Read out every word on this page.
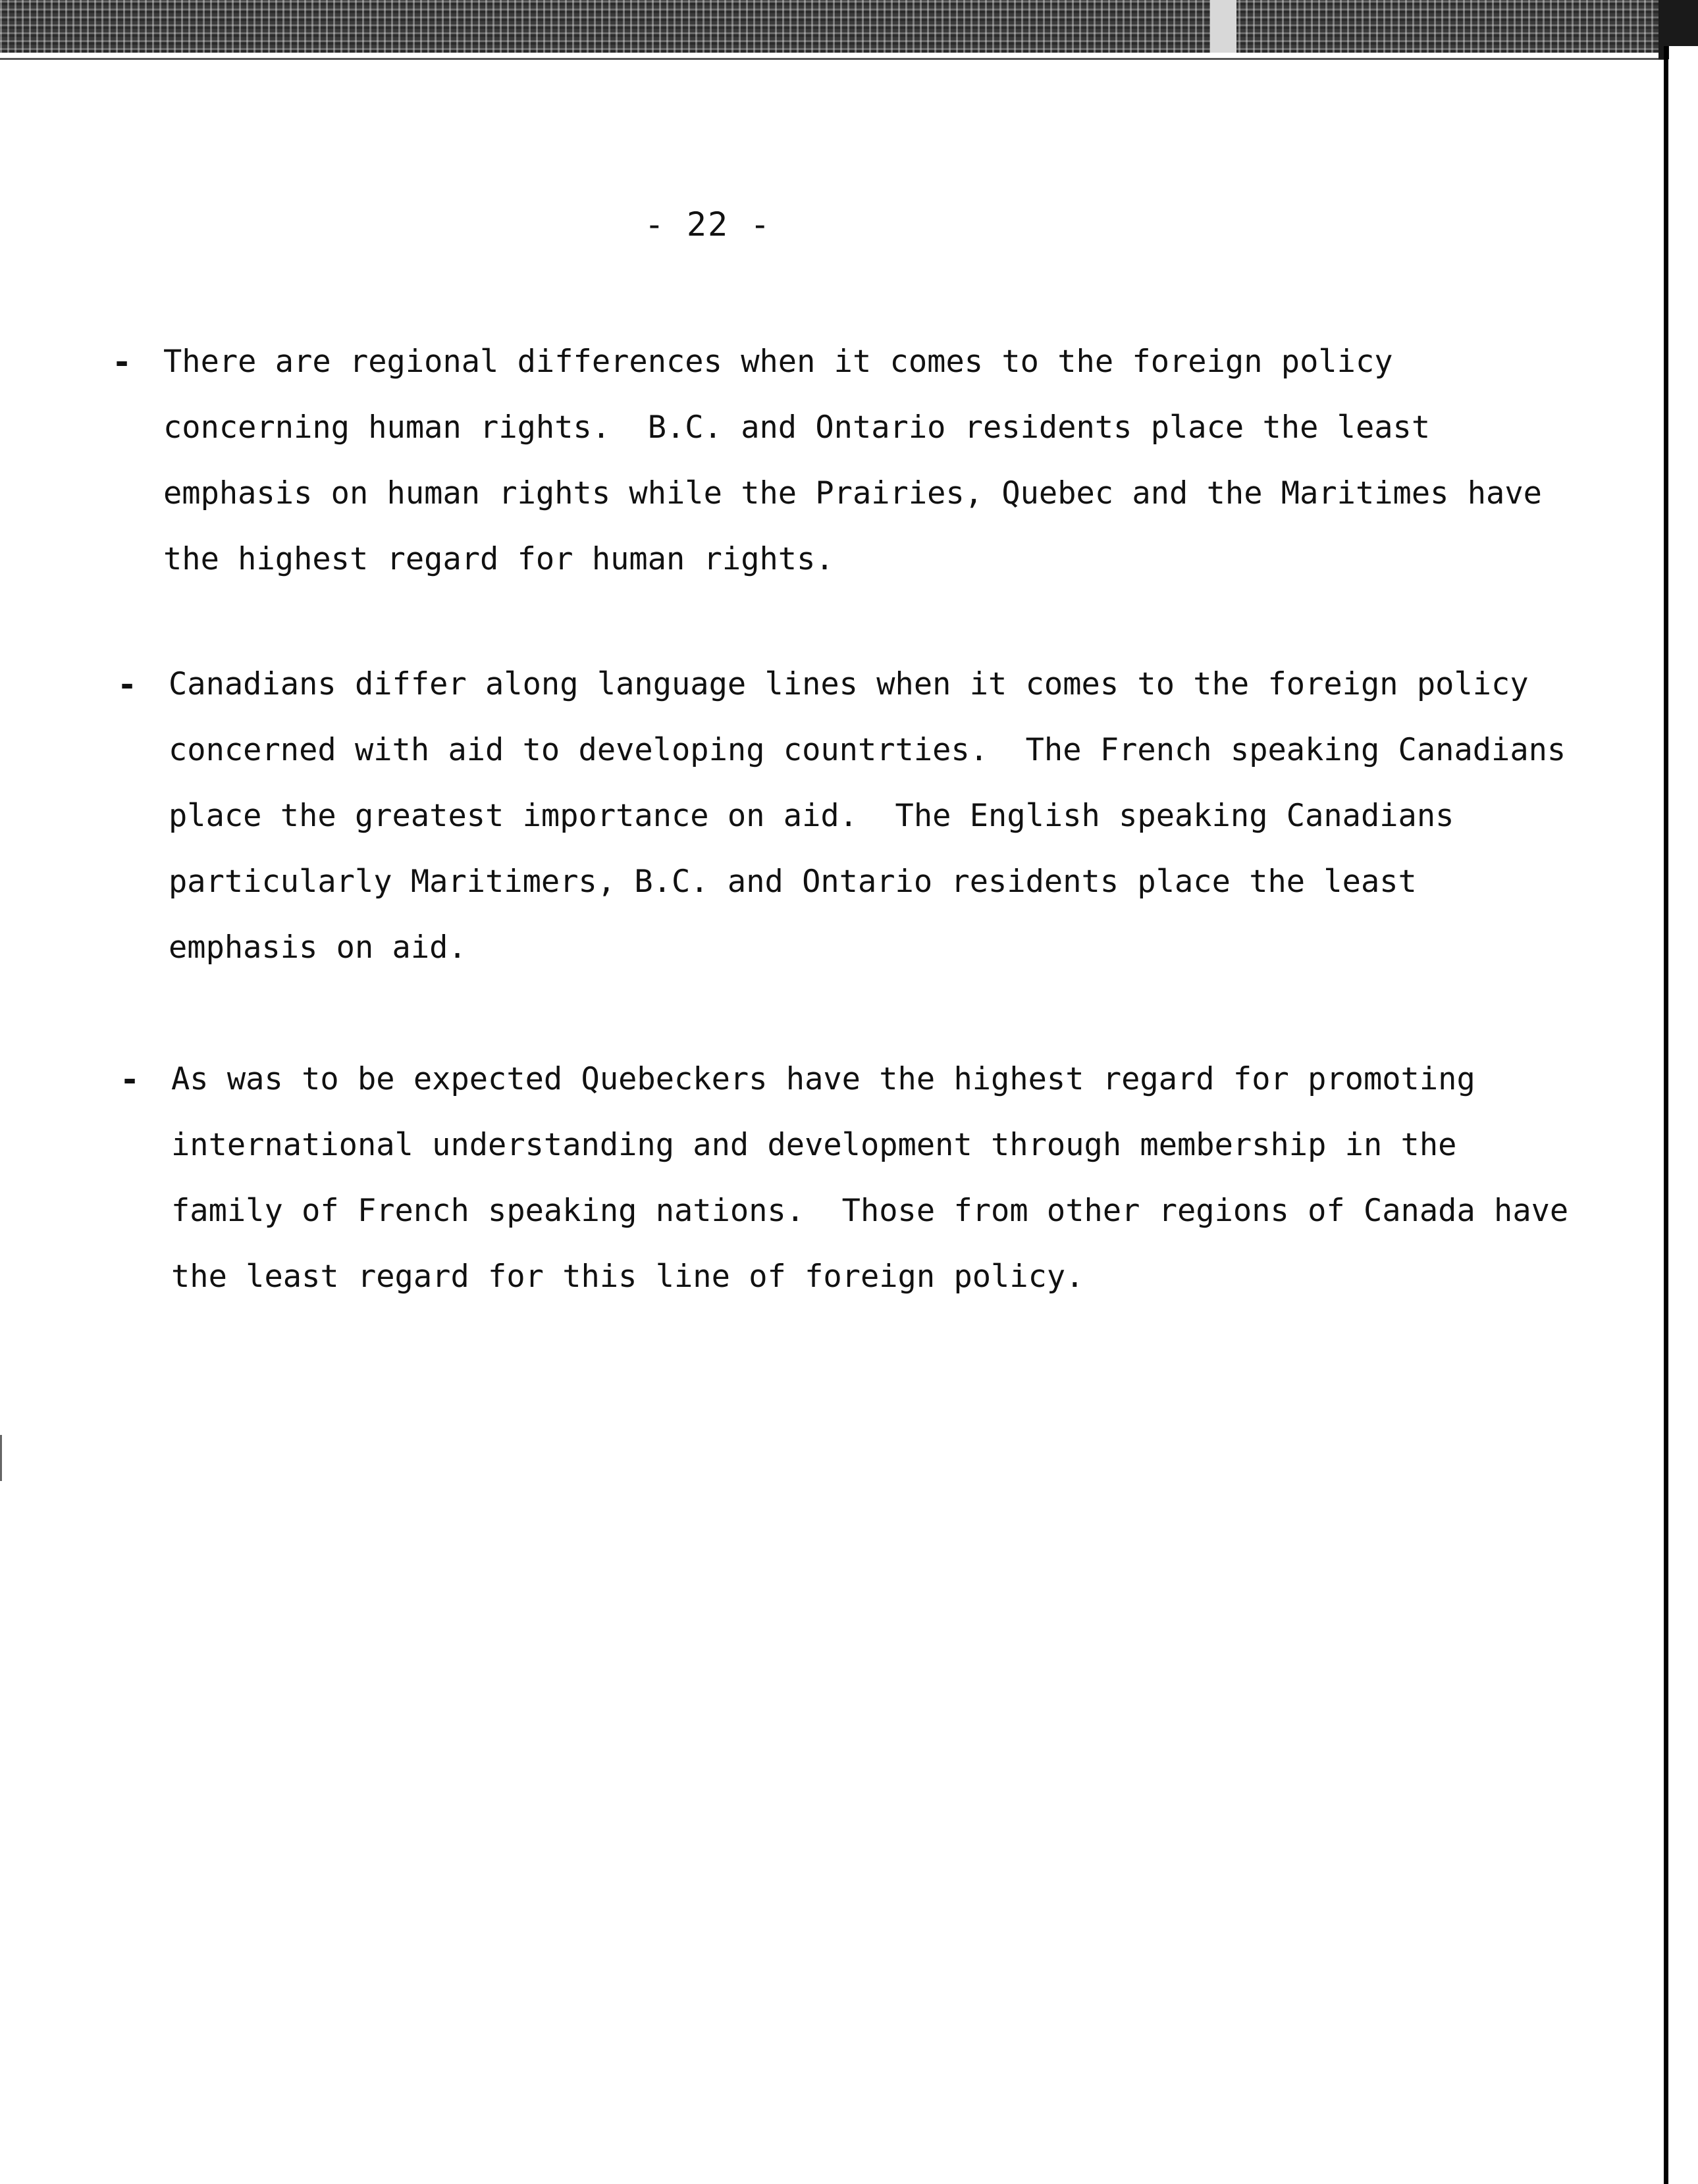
- 22 -
- There are regional differences when it comes to the foreign policy
concerning human rights.  B.C. and Ontario residents place the least
emphasis on human rights while the Prairies, Quebec and the Maritimes have
the highest regard for human rights.
- Canadians differ along language lines when it comes to the foreign policy
concerned with aid to developing countrties.  The French speaking Canadians
place the greatest importance on aid.  The English speaking Canadians
particularly Maritimers, B.C. and Ontario residents place the least
emphasis on aid.
- As was to be expected Quebeckers have the highest regard for promoting
international understanding and development through membership in the
family of French speaking nations.  Those from other regions of Canada have
the least regard for this line of foreign policy.
